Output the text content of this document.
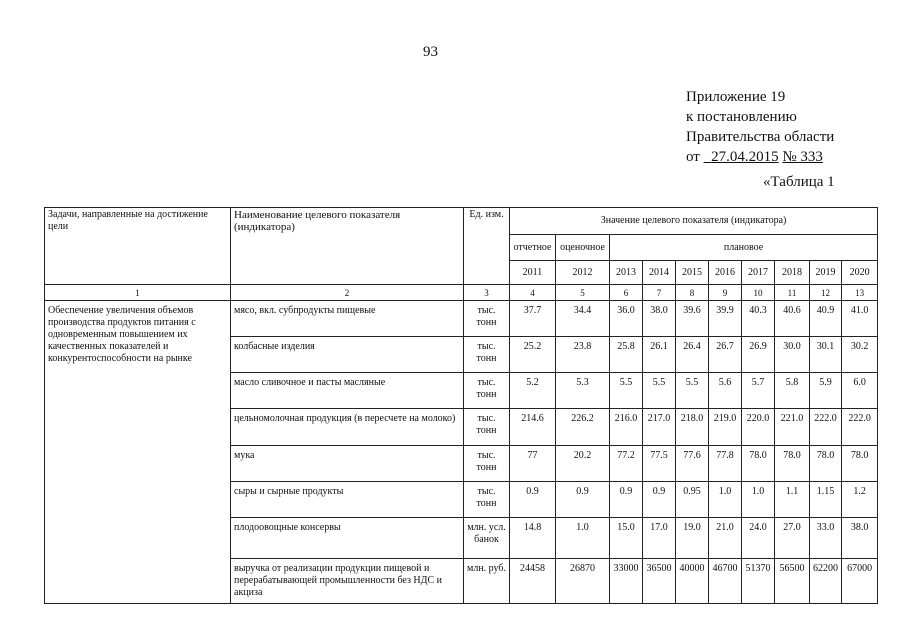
93
Приложение 19
к постановлению
Правительства области
от 27.04.2015 № 333
«Таблица 1
Задачи, направленные на достижение цели	Наименование целевого показателя (индикатора)	Ед. изм.	Значение целевого показателя (индикатора)									
			отчетное	оценочное	плановое							
			2011	2012	2013	2014	2015	2016	2017	2018	2019	2020
1	2	3	4	5	6	7	8	9	10	11	12	13
Обеспечение увеличения объемов производства продуктов питания с одновременным повышением их качественных показателей и конкурентоспособности на рынке	мясо, вкл. субпродукты пищевые	тыс. тонн	37.7	34.4	36.0	38.0	39.6	39.9	40.3	40.6	40.9	41.0
	колбасные изделия	тыс. тонн	25.2	23.8	25.8	26.1	26.4	26.7	26.9	30.0	30.1	30.2
	масло сливочное и пасты масляные	тыс. тонн	5.2	5.3	5.5	5.5	5.5	5.6	5.7	5.8	5.9	6.0
	цельномолочная продукция (в пересчете на молоко)	тыс. тонн	214.6	226.2	216.0	217.0	218.0	219.0	220.0	221.0	222.0	222.0
	мука	тыс. тонн	77	20.2	77.2	77.5	77.6	77.8	78.0	78.0	78.0	78.0
	сыры и сырные продукты	тыс. тонн	0.9	0.9	0.9	0.9	0.95	1.0	1.0	1.1	1.15	1.2
	плодоовощные консервы	млн. усл. банок	14.8	1.0	15.0	17.0	19.0	21.0	24.0	27.0	33.0	38.0
	выручка от реализации продукции пищевой и перерабатывающей промышленности без НДС и акциза	млн. руб.	24458	26870	33000	36500	40000	46700	51370	56500	62200	67000
